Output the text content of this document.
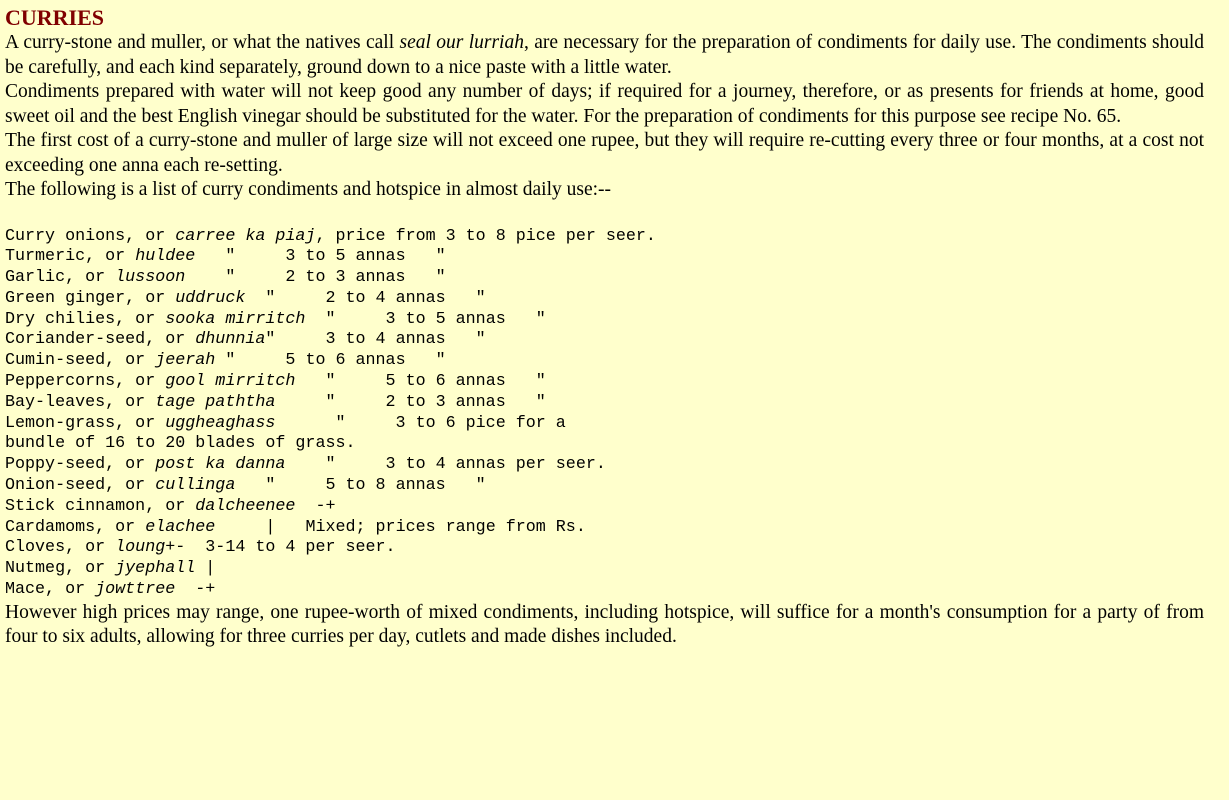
CURRIES

A curry-stone and muller, or what the natives call seal our lurriah, are necessary for the preparation of condiments for daily use. The condiments should be carefully, and each kind separately, ground down to a nice paste with a little water.

Condiments prepared with water will not keep good any number of days; if required for a journey, therefore, or as presents for friends at home, good sweet oil and the best English vinegar should be substituted for the water. For the preparation of condiments for this purpose see recipe No. 65.

The first cost of a curry-stone and muller of large size will not exceed one rupee, but they will require re-cutting every three or four months, at a cost not exceeding one anna each re-setting.

The following is a list of curry condiments and hotspice in almost daily use:--

Curry onions, or carree ka piaj, price from 3 to 8 pice per seer.
Turmeric, or huldee   "     3 to 5 annas   "
Garlic, or lussoon    "     2 to 3 annas   "
Green ginger, or uddruck  "     2 to 4 annas   "
Dry chilies, or sooka mirritch  "     3 to 5 annas   "
Coriander-seed, or dhunnia"     3 to 4 annas   "
Cumin-seed, or jeerah "     5 to 6 annas   "
Peppercorns, or gool mirritch   "     5 to 6 annas   "
Bay-leaves, or tage paththa     "     2 to 3 annas   "
Lemon-grass, or uggheaghass      "     3 to 6 pice for a
bundle of 16 to 20 blades of grass.
Poppy-seed, or post ka danna    "     3 to 4 annas per seer.
Onion-seed, or cullinga   "     5 to 8 annas   "
Stick cinnamon, or dalcheenee  -+
Cardamoms, or elachee     |   Mixed; prices range from Rs.
Cloves, or loung+-  3-14 to 4 per seer.
Nutmeg, or jyephall |
Mace, or jowttree  -+

However high prices may range, one rupee-worth of mixed condiments, including hotspice, will suffice for a month's consumption for a party of from four to six adults, allowing for three curries per day, cutlets and made dishes included.
